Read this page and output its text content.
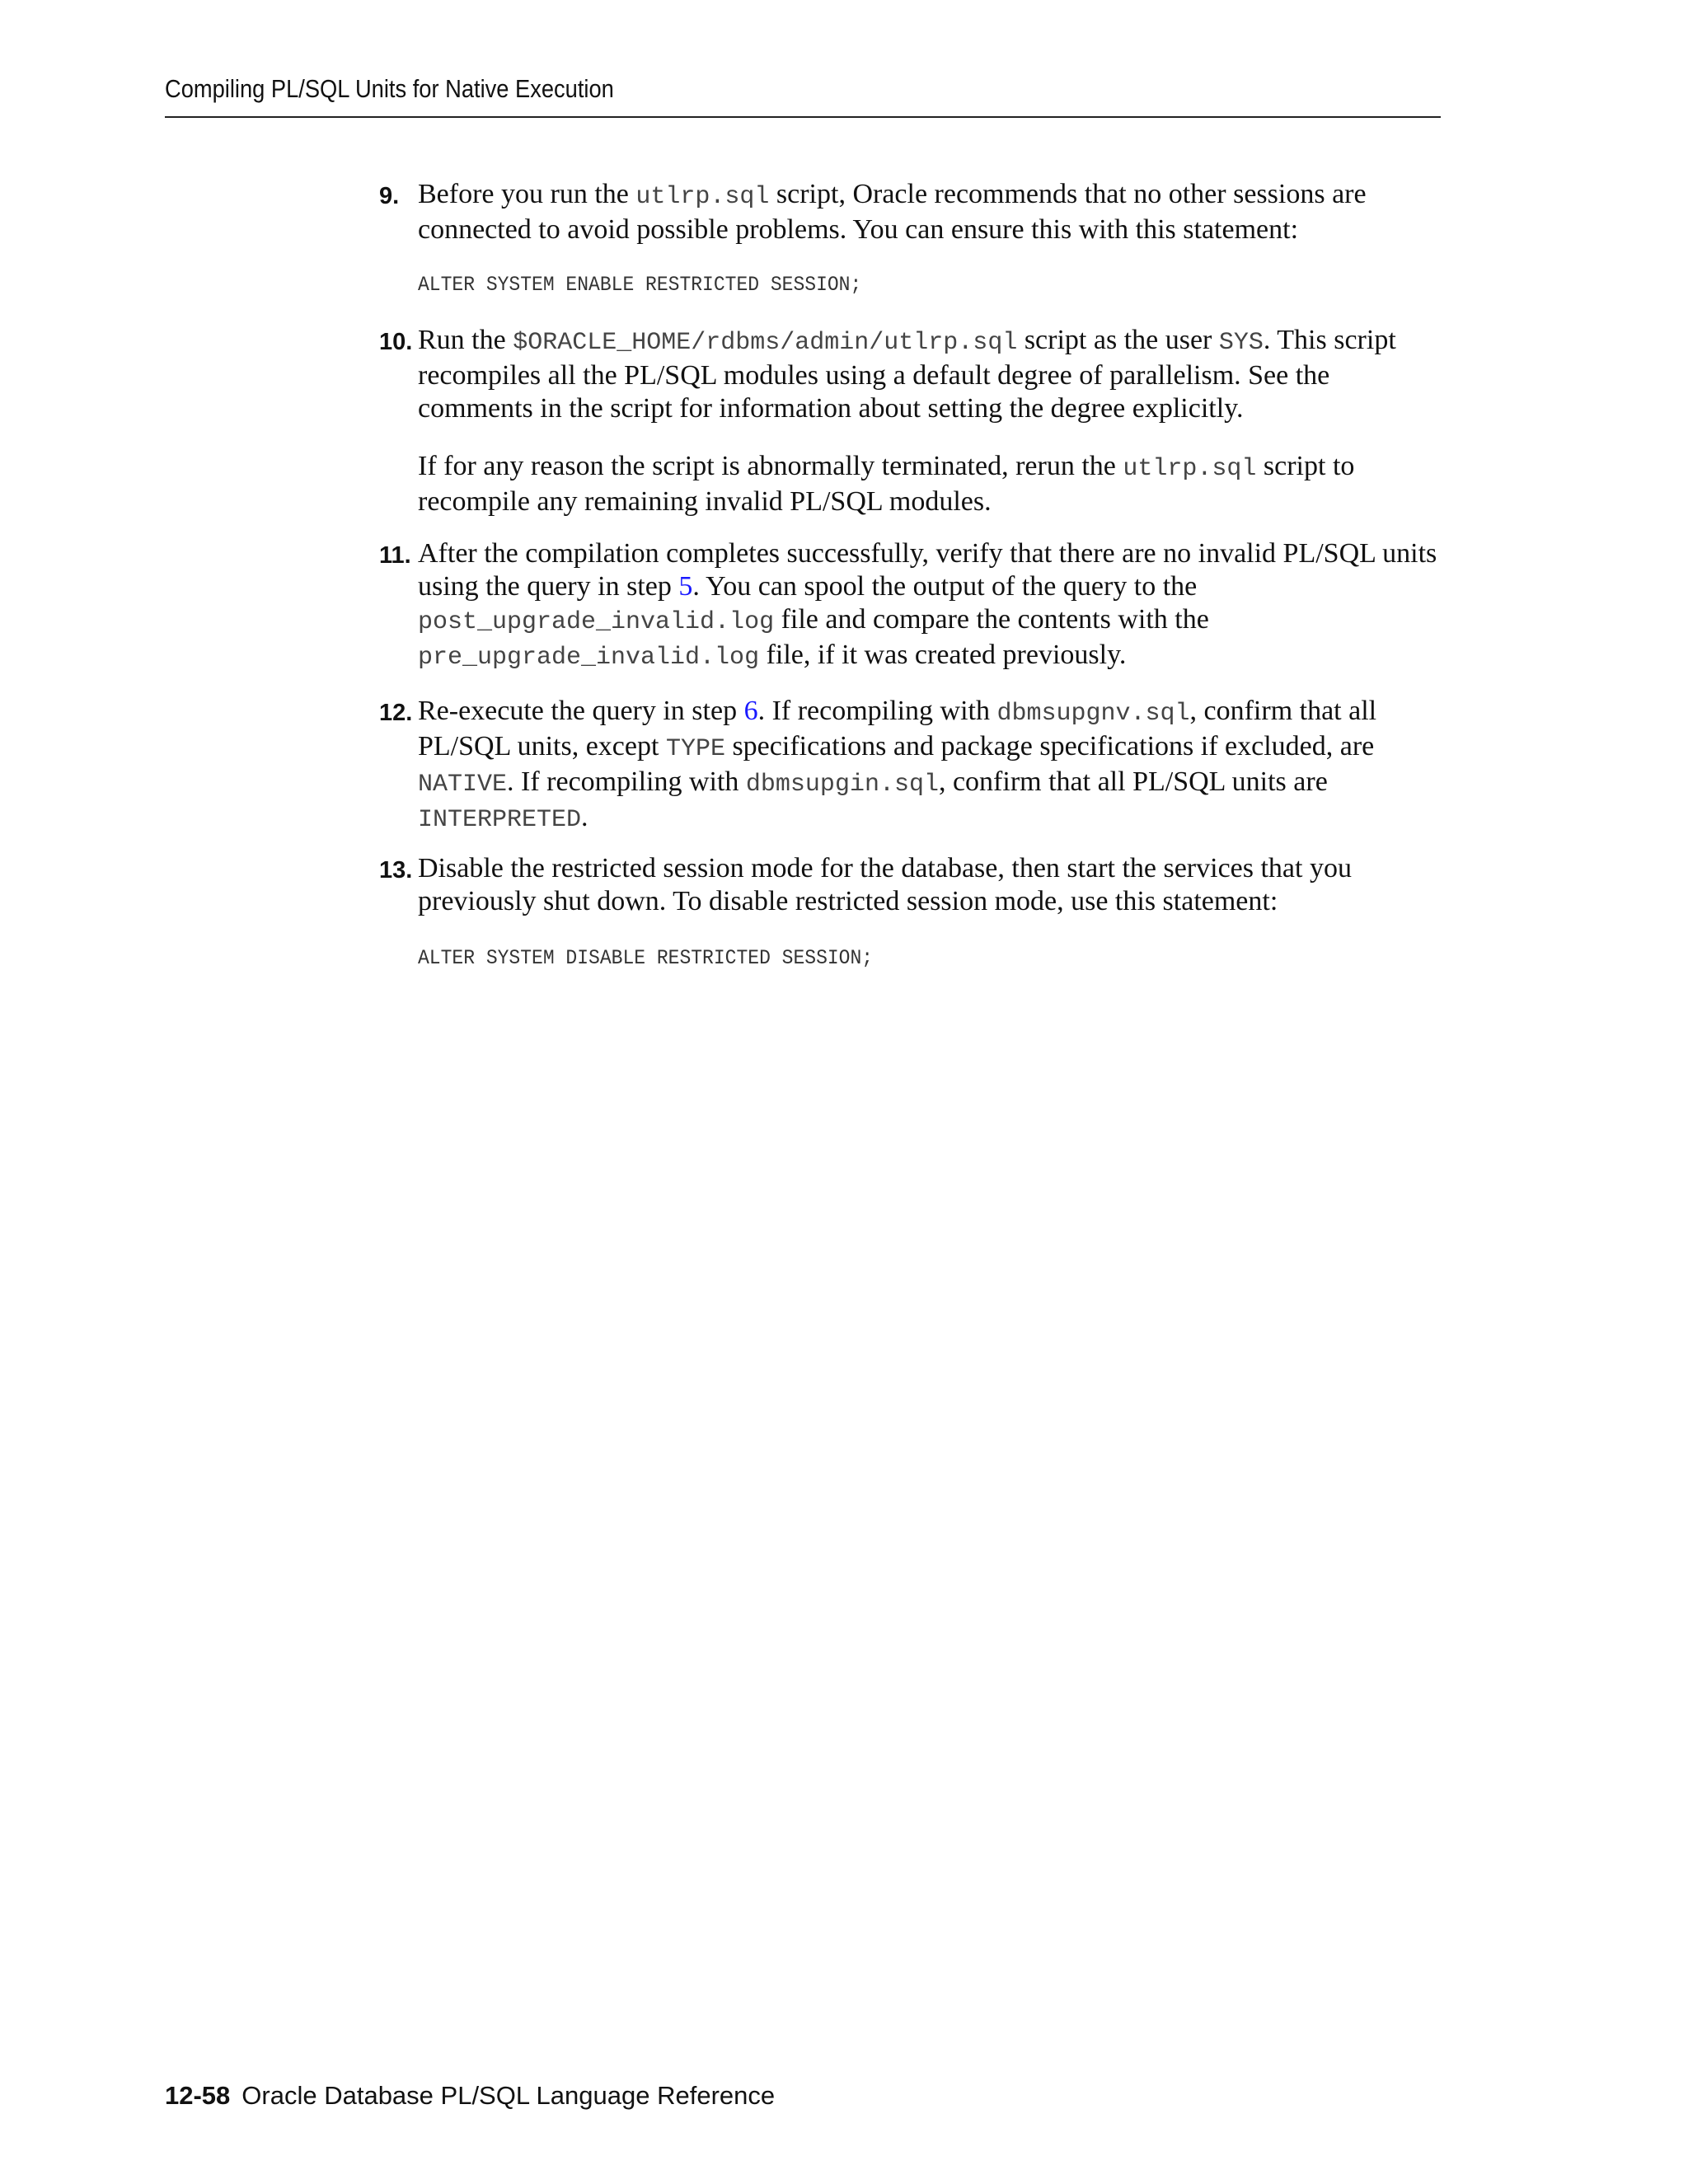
Compiling PL/SQL Units for Native Execution
9. Before you run the utlrp.sql script, Oracle recommends that no other sessions are connected to avoid possible problems. You can ensure this with this statement:

ALTER SYSTEM ENABLE RESTRICTED SESSION;
10. Run the $ORACLE_HOME/rdbms/admin/utlrp.sql script as the user SYS. This script recompiles all the PL/SQL modules using a default degree of parallelism. See the comments in the script for information about setting the degree explicitly.

If for any reason the script is abnormally terminated, rerun the utlrp.sql script to recompile any remaining invalid PL/SQL modules.

11. After the compilation completes successfully, verify that there are no invalid PL/SQL units using the query in step 5. You can spool the output of the query to the post_upgrade_invalid.log file and compare the contents with the pre_upgrade_invalid.log file, if it was created previously.

12. Re-execute the query in step 6. If recompiling with dbmsupgnv.sql, confirm that all PL/SQL units, except TYPE specifications and package specifications if excluded, are NATIVE. If recompiling with dbmsupgin.sql, confirm that all PL/SQL units are INTERPRETED.

13. Disable the restricted session mode for the database, then start the services that you previously shut down. To disable restricted session mode, use this statement:

ALTER SYSTEM DISABLE RESTRICTED SESSION;
12-58 Oracle Database PL/SQL Language Reference
